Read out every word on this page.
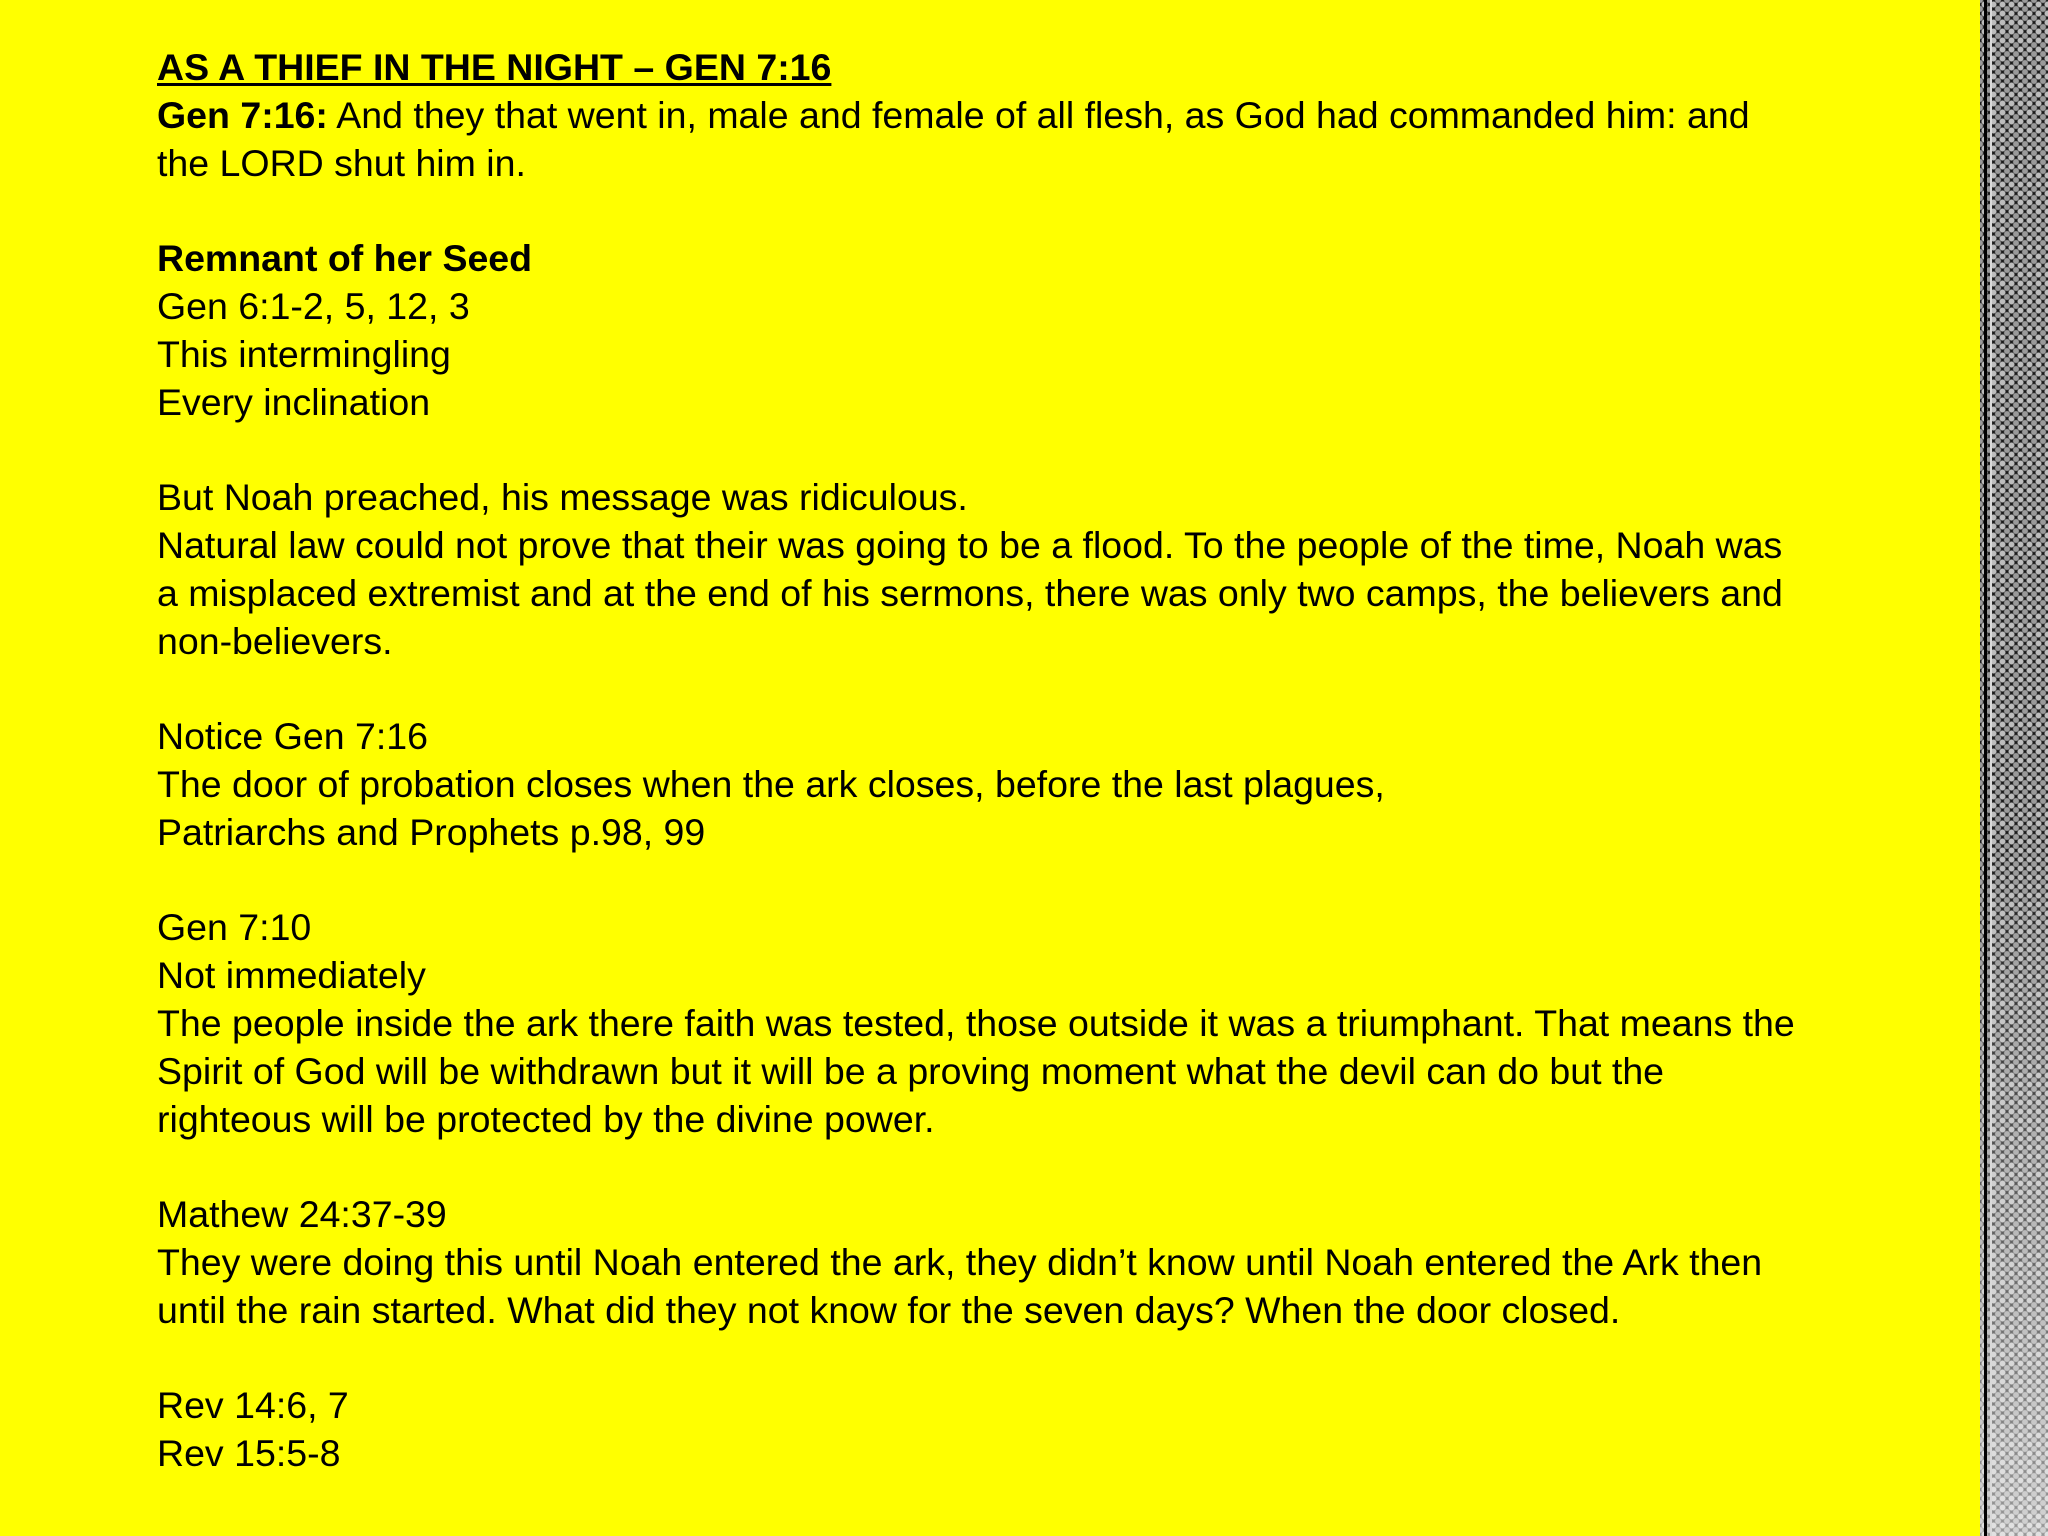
AS A THIEF IN THE NIGHT – GEN 7:16

Gen 7:16: And they that went in, male and female of all flesh, as God had commanded him: and

the LORD shut him in.

Remnant of her Seed

Gen 6:1-2, 5, 12, 3

This intermingling

Every inclination

But Noah preached, his message was ridiculous.

Natural law could not prove that their was going to be a flood. To the people of the time, Noah was

a misplaced extremist and at the end of his sermons, there was only two camps, the believers and

non-believers.

Notice Gen 7:16

The door of probation closes when the ark closes, before the last plagues,

Patriarchs and Prophets p.98, 99

Gen 7:10

Not immediately

The people inside the ark there faith was tested, those outside it was a triumphant. That means the

Spirit of God will be withdrawn but it will be a proving moment what the devil can do but the

righteous will be protected by the divine power.

Mathew 24:37-39

They were doing this until Noah entered the ark, they didn’t know until Noah entered the Ark then

until the rain started. What did they not know for the seven days? When the door closed.

Rev 14:6, 7

Rev 15:5-8
